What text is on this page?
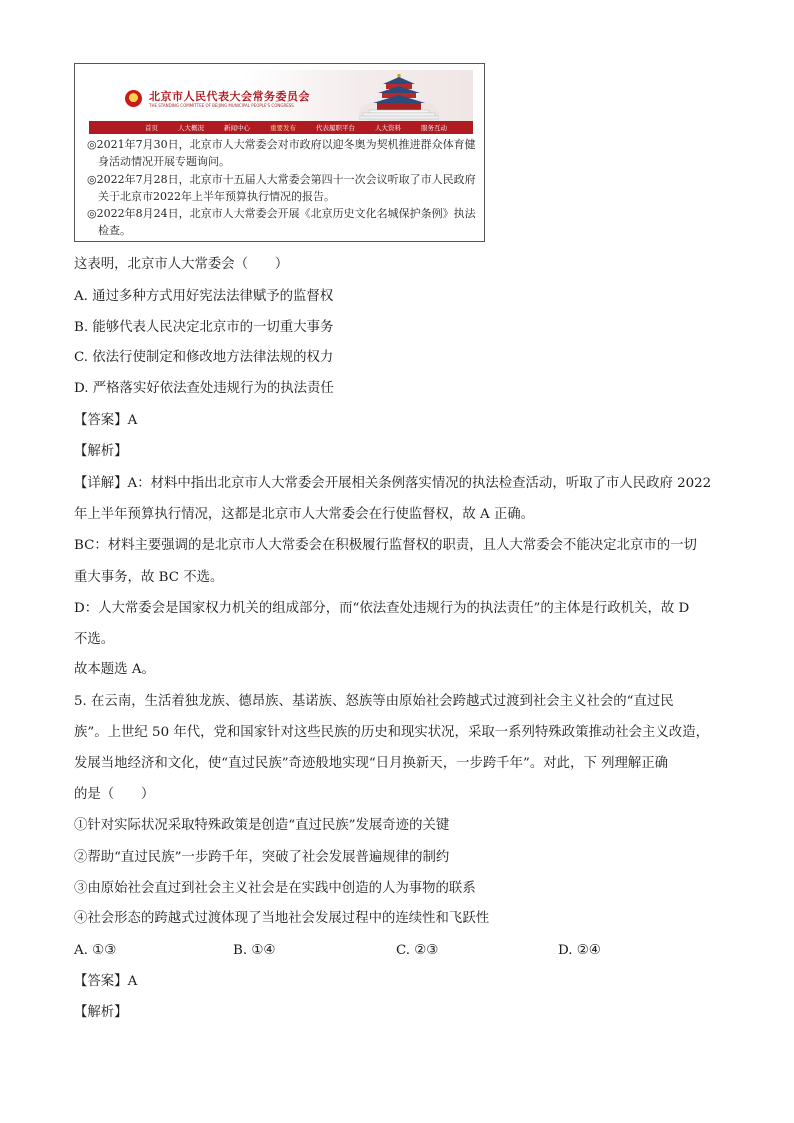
北京市人民代表大会常务委员会
THE STANDING COMMITTEE OF BEIJING MUNICIPAL PEOPLE'S CONGRESS
首页	人大概况	新闻中心	重要发布	代表履职平台	人大资料	服务互动

◎2021年7月30日，北京市人大常委会对市政府以迎冬奥为契机推进群众体育健身活动情况开展专题询问。

◎2022年7月28日，北京市十五届人大常委会第四十一次会议听取了市人民政府关于北京市2022年上半年预算执行情况的报告。

◎2022年8月24日，北京市人大常委会开展《北京历史文化名城保护条例》执法检查。

这表明，北京市人大常委会（　　）
A. 通过多种方式用好宪法法律赋予的监督权
B. 能够代表人民决定北京市的一切重大事务
C. 依法行使制定和修改地方法律法规的权力
D. 严格落实好依法查处违规行为的执法责任
【答案】A
【解析】
【详解】A：材料中指出北京市人大常委会开展相关条例落实情况的执法检查活动，听取了市人民政府 2022
年上半年预算执行情况，这都是北京市人大常委会在行使监督权，故 A 正确。
BC：材料主要强调的是北京市人大常委会在积极履行监督权的职责，且人大常委会不能决定北京市的一切
重大事务，故 BC 不选。
D：人大常委会是国家权力机关的组成部分，而“依法查处违规行为的执法责任”的主体是行政机关，故 D
不选。
故本题选 A。
5. 在云南，生活着独龙族、德昂族、基诺族、怒族等由原始社会跨越式过渡到社会主义社会的“直过民
族”。上世纪 50 年代，党和国家针对这些民族的历史和现实状况，采取一系列特殊政策推动社会主义改造，
发展当地经济和文化，使“直过民族”奇迹般地实现“日月换新天，一步跨千年”。对此，下 列理解正确
的是（　　）
①针对实际状况采取特殊政策是创造“直过民族”发展奇迹的关键
②帮助“直过民族”一步跨千年，突破了社会发展普遍规律的制约
③由原始社会直过到社会主义社会是在实践中创造的人为事物的联系
④社会形态的跨越式过渡体现了当地社会发展过程中的连续性和飞跃性
A. ①③	B. ①④	C. ②③	D. ②④
【答案】A
【解析】
